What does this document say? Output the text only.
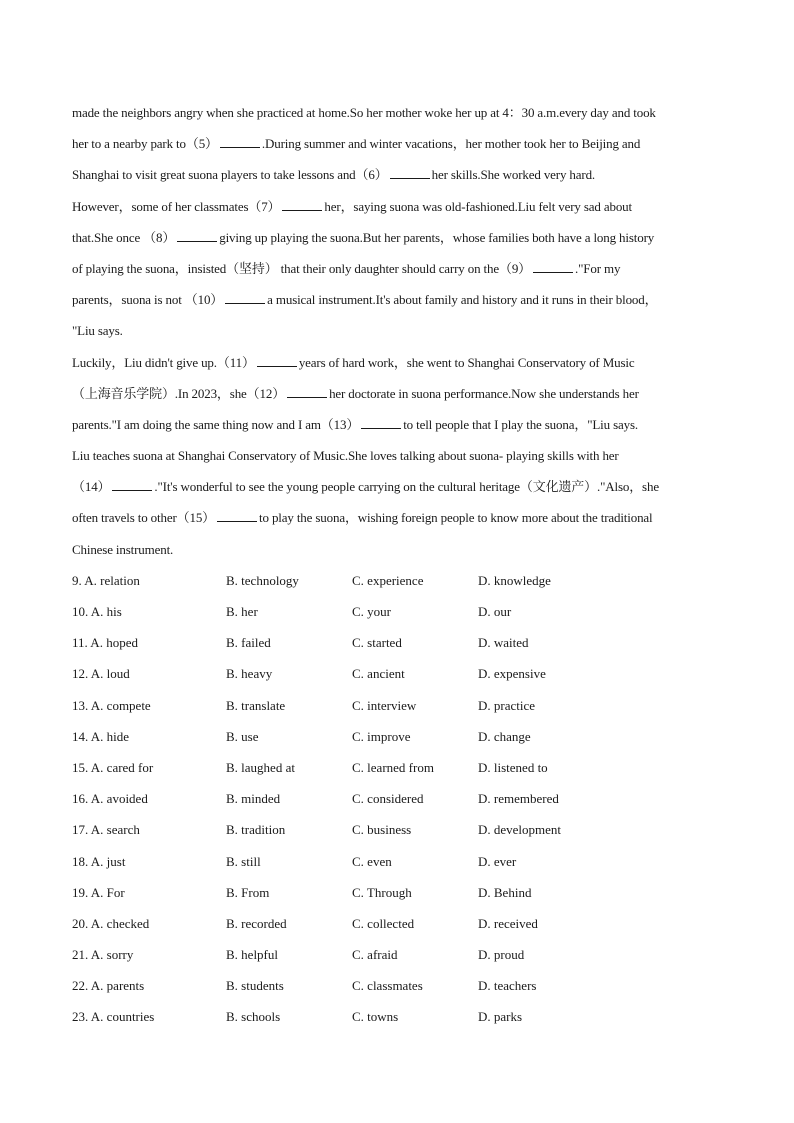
made the neighbors angry when she practiced at home.So her mother woke her up at 4：30 a.m.every day and took
her to a nearby park to（5）	.During summer and winter vacations，her mother took her to Beijing and
Shanghai to visit great suona players to take lessons and（6）	her skills.She worked very hard.
However，some of her classmates（7）	her，saying suona was old-fashioned.Liu felt very sad about
that.She once （8）	giving up playing the suona.But her parents，whose families both have a long history
of playing the suona，insisted（坚持） that their only daughter should carry on the（9）	."For my
parents，suona is not （10）	a musical instrument.It's about family and history and it runs in their blood，
"Liu says.
Luckily，Liu didn't give up.（11）	years of hard work，she went to Shanghai Conservatory of Music
（上海音乐学院）.In 2023，she（12）	her doctorate in suona performance.Now she understands her
parents."I am doing the same thing now and I am（13）	to tell people that I play the suona，"Liu says.
Liu teaches suona at Shanghai Conservatory of Music.She loves talking about suona- playing skills with her
（14）	."It's wonderful to see the young people carrying on the cultural heritage（文化遗产）."Also，she
often travels to other（15）	to play the suona，wishing foreign people to know more about the traditional
Chinese instrument.
9. A. relation	B. technology	C. experience	D. knowledge
10. A. his	B. her	C. your	D. our
11. A. hoped	B. failed	C. started	D. waited
12. A. loud	B. heavy	C. ancient	D. expensive
13. A. compete	B. translate	C. interview	D. practice
14. A. hide	B. use	C. improve	D. change
15. A. cared for	B. laughed at	C. learned from	D. listened to
16. A. avoided	B. minded	C. considered	D. remembered
17. A. search	B. tradition	C. business	D. development
18. A. just	B. still	C. even	D. ever
19. A. For	B. From	C. Through	D. Behind
20. A. checked	B. recorded	C. collected	D. received
21. A. sorry	B. helpful	C. afraid	D. proud
22. A. parents	B. students	C. classmates	D. teachers
23. A. countries	B. schools	C. towns	D. parks
